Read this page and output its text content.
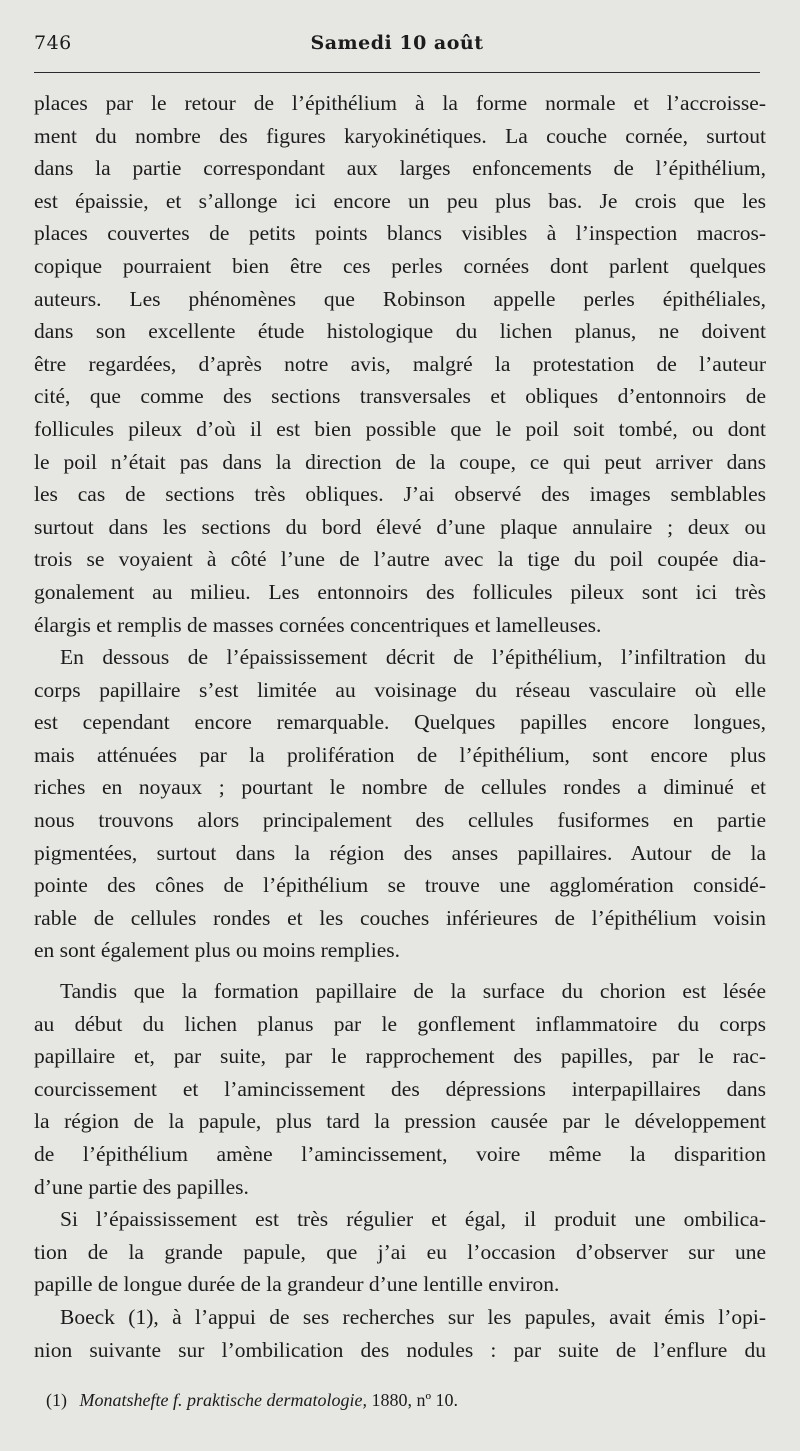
746	Samedi 10 août
places par le retour de l’épithélium à la forme normale et l’accroisse-
ment du nombre des figures karyokinétiques. La couche cornée, surtout
dans la partie correspondant aux larges enfoncements de l’épithélium,
est épaissie, et s’allonge ici encore un peu plus bas. Je crois que les
places couvertes de petits points blancs visibles à l’inspection macros-
copique pourraient bien être ces perles cornées dont parlent quelques
auteurs. Les phénomènes que Robinson appelle perles épithéliales,
dans son excellente étude histologique du lichen planus, ne doivent
être regardées, d’après notre avis, malgré la protestation de l’auteur
cité, que comme des sections transversales et obliques d’entonnoirs de
follicules pileux d’où il est bien possible que le poil soit tombé, ou dont
le poil n’était pas dans la direction de la coupe, ce qui peut arriver dans
les cas de sections très obliques. J’ai observé des images semblables
surtout dans les sections du bord élevé d’une plaque annulaire ; deux ou
trois se voyaient à côté l’une de l’autre avec la tige du poil coupée dia-
gonalement au milieu. Les entonnoirs des follicules pileux sont ici très
élargis et remplis de masses cornées concentriques et lamelleuses.
En dessous de l’épaississement décrit de l’épithélium, l’infiltration du
corps papillaire s’est limitée au voisinage du réseau vasculaire où elle
est cependant encore remarquable. Quelques papilles encore longues,
mais atténuées par la prolifération de l’épithélium, sont encore plus
riches en noyaux ; pourtant le nombre de cellules rondes a diminué et
nous trouvons alors principalement des cellules fusiformes en partie
pigmentées, surtout dans la région des anses papillaires. Autour de la
pointe des cônes de l’épithélium se trouve une agglomération considé-
rable de cellules rondes et les couches inférieures de l’épithélium voisin
en sont également plus ou moins remplies.
Tandis que la formation papillaire de la surface du chorion est lésée
au début du lichen planus par le gonflement inflammatoire du corps
papillaire et, par suite, par le rapprochement des papilles, par le rac-
courcissement et l’amincissement des dépressions interpapillaires dans
la région de la papule, plus tard la pression causée par le développement
de l’épithélium amène l’amincissement, voire même la disparition
d’une partie des papilles.
Si l’épaississement est très régulier et égal, il produit une ombilica-
tion de la grande papule, que j’ai eu l’occasion d’observer sur une
papille de longue durée de la grandeur d’une lentille environ.
Boeck (1), à l’appui de ses recherches sur les papules, avait émis l’opi-
nion suivante sur l’ombilication des nodules : par suite de l’enflure du
(1) Monatshefte f. praktische dermatologie, 1880, nº 10.
